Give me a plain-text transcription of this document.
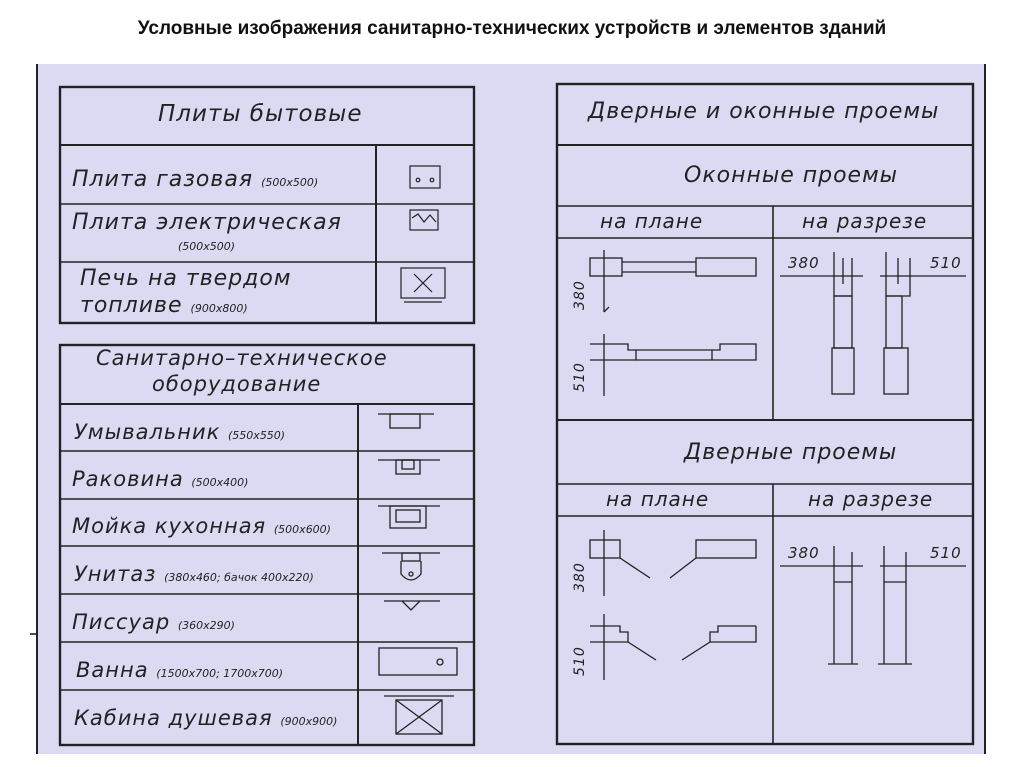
Условные изображения санитарно-технических устройств и элементов зданий
Плиты бытовые
Плита газовая (500х500)
Плита электрическая
(500х500)
Печь на твердом
топливе (900х800)
Санитарно–техническое
оборудование
Умывальник (550х550)
Раковина (500х400)
Мойка кухонная (500х600)
Унитаз (380х460; бачок 400х220)
Писсуар (360х290)
Ванна (1500х700; 1700х700)
Кабина душевая (900х900)
Дверные и оконные проемы
Оконные проемы
на плане	на разрезе
380
510
380	510
Дверные проемы
на плане	на разрезе
380
510
380	510
